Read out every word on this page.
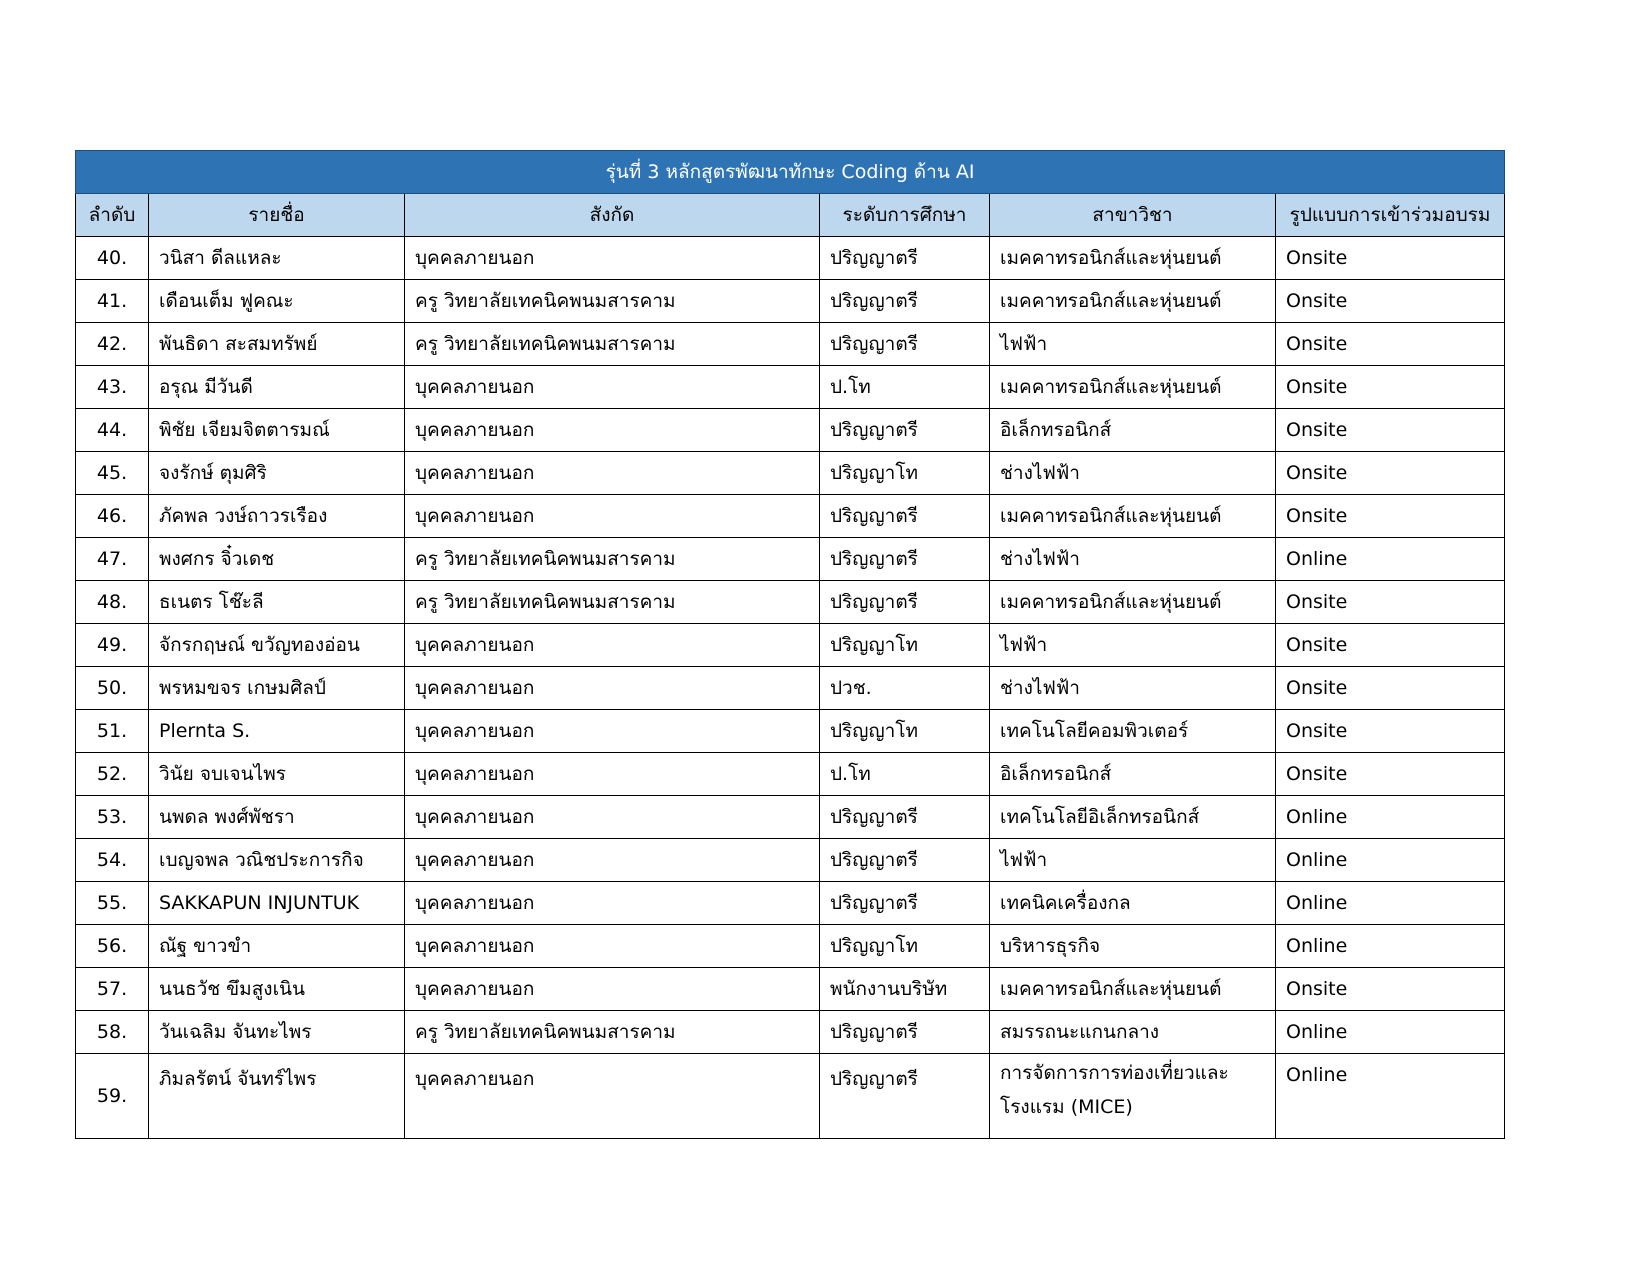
รุ่นที่ 3 หลักสูตรพัฒนาทักษะ Coding ด้าน AI					
ลำดับ	รายชื่อ	สังกัด	ระดับการศึกษา	สาขาวิชา	รูปแบบการเข้าร่วมอบรม
40.	วนิสา ดีลแหละ	บุคคลภายนอก	ปริญญาตรี	เมคคาทรอนิกส์และหุ่นยนต์	Onsite
41.	เดือนเต็ม ฟูคณะ	ครู วิทยาลัยเทคนิคพนมสารคาม	ปริญญาตรี	เมคคาทรอนิกส์และหุ่นยนต์	Onsite
42.	พันธิดา สะสมทรัพย์	ครู วิทยาลัยเทคนิคพนมสารคาม	ปริญญาตรี	ไฟฟ้า	Onsite
43.	อรุณ มีวันดี	บุคคลภายนอก	ป.โท	เมคคาทรอนิกส์และหุ่นยนต์	Onsite
44.	พิชัย เจียมจิตตารมณ์	บุคคลภายนอก	ปริญญาตรี	อิเล็กทรอนิกส์	Onsite
45.	จงรักษ์ ตุมศิริ	บุคคลภายนอก	ปริญญาโท	ช่างไฟฟ้า	Onsite
46.	ภัคพล วงษ์ถาวรเรือง	บุคคลภายนอก	ปริญญาตรี	เมคคาทรอนิกส์และหุ่นยนต์	Onsite
47.	พงศกร จิ๋วเดช	ครู วิทยาลัยเทคนิคพนมสารคาม	ปริญญาตรี	ช่างไฟฟ้า	Online
48.	ธเนตร โช๊ะลี	ครู วิทยาลัยเทคนิคพนมสารคาม	ปริญญาตรี	เมคคาทรอนิกส์และหุ่นยนต์	Onsite
49.	จักรกฤษณ์ ขวัญทองอ่อน	บุคคลภายนอก	ปริญญาโท	ไฟฟ้า	Onsite
50.	พรหมขจร เกษมศิลป์	บุคคลภายนอก	ปวช.	ช่างไฟฟ้า	Onsite
51.	Plernta S.	บุคคลภายนอก	ปริญญาโท	เทคโนโลยีคอมพิวเตอร์	Onsite
52.	วินัย จบเจนไพร	บุคคลภายนอก	ป.โท	อิเล็กทรอนิกส์	Onsite
53.	นพดล พงศ์พัชรา	บุคคลภายนอก	ปริญญาตรี	เทคโนโลยีอิเล็กทรอนิกส์	Online
54.	เบญจพล วณิชประการกิจ	บุคคลภายนอก	ปริญญาตรี	ไฟฟ้า	Online
55.	SAKKAPUN INJUNTUK	บุคคลภายนอก	ปริญญาตรี	เทคนิคเครื่องกล	Online
56.	ณัฐ ขาวขำ	บุคคลภายนอก	ปริญญาโท	บริหารธุรกิจ	Online
57.	นนธวัช ขึมสูงเนิน	บุคคลภายนอก	พนักงานบริษัท	เมคคาทรอนิกส์และหุ่นยนต์	Onsite
58.	วันเฉลิม จันทะไพร	ครู วิทยาลัยเทคนิคพนมสารคาม	ปริญญาตรี	สมรรถนะแกนกลาง	Online
59.	ภิมลรัตน์ จันทร์ไพร	บุคคลภายนอก	ปริญญาตรี	การจัดการการท่องเที่ยวและโรงแรม (MICE)	Online
